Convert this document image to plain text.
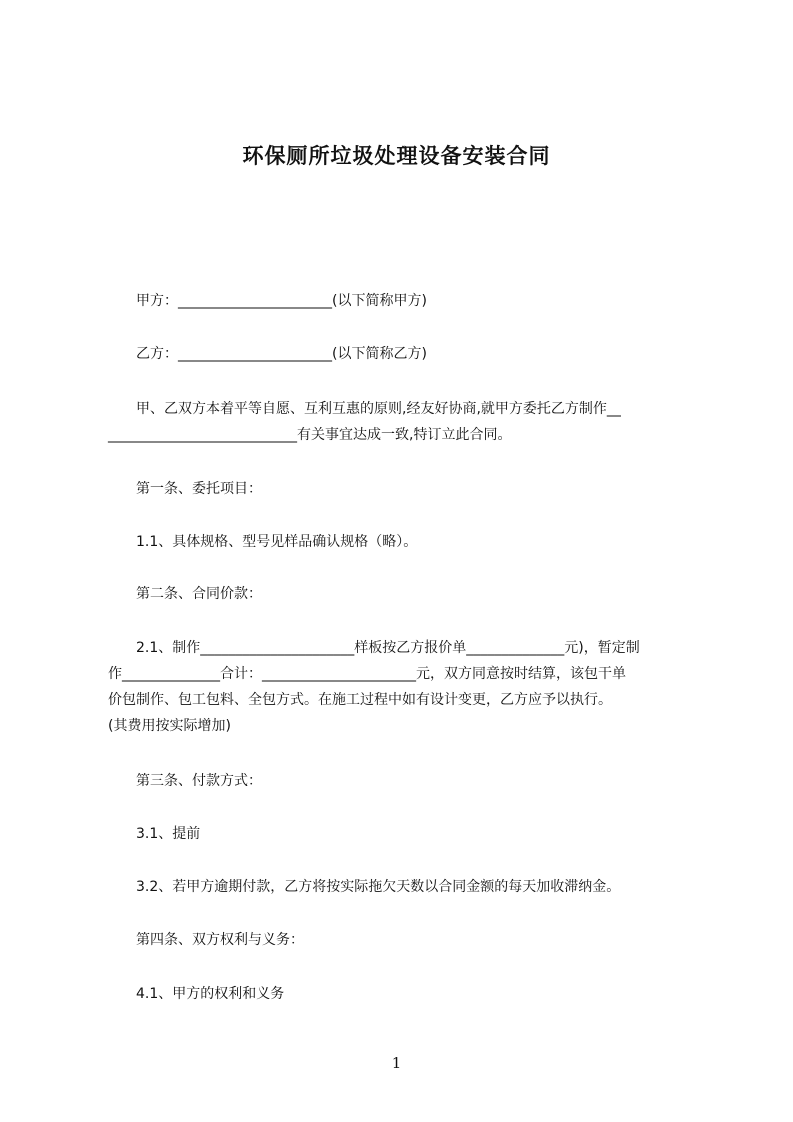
环保厕所垃圾处理设备安装合同
甲方：______________________(以下简称甲方)
乙方：______________________(以下简称乙方)
甲、乙双方本着平等自愿、互利互惠的原则,经友好协商,就甲方委托乙方制作__
___________________________有关事宜达成一致,特订立此合同。
第一条、委托项目：
1.1、具体规格、型号见样品确认规格（略）。
第二条、合同价款：
2.1、制作______________________样板按乙方报价单______________元)，暂定制
作______________合计：______________________元，双方同意按时结算，该包干单
价包制作、包工包料、全包方式。在施工过程中如有设计变更，乙方应予以执行。
(其费用按实际增加)
第三条、付款方式：
3.1、提前
3.2、若甲方逾期付款，乙方将按实际拖欠天数以合同金额的每天加收滞纳金。
第四条、双方权利与义务：
4.1、甲方的权利和义务
1
